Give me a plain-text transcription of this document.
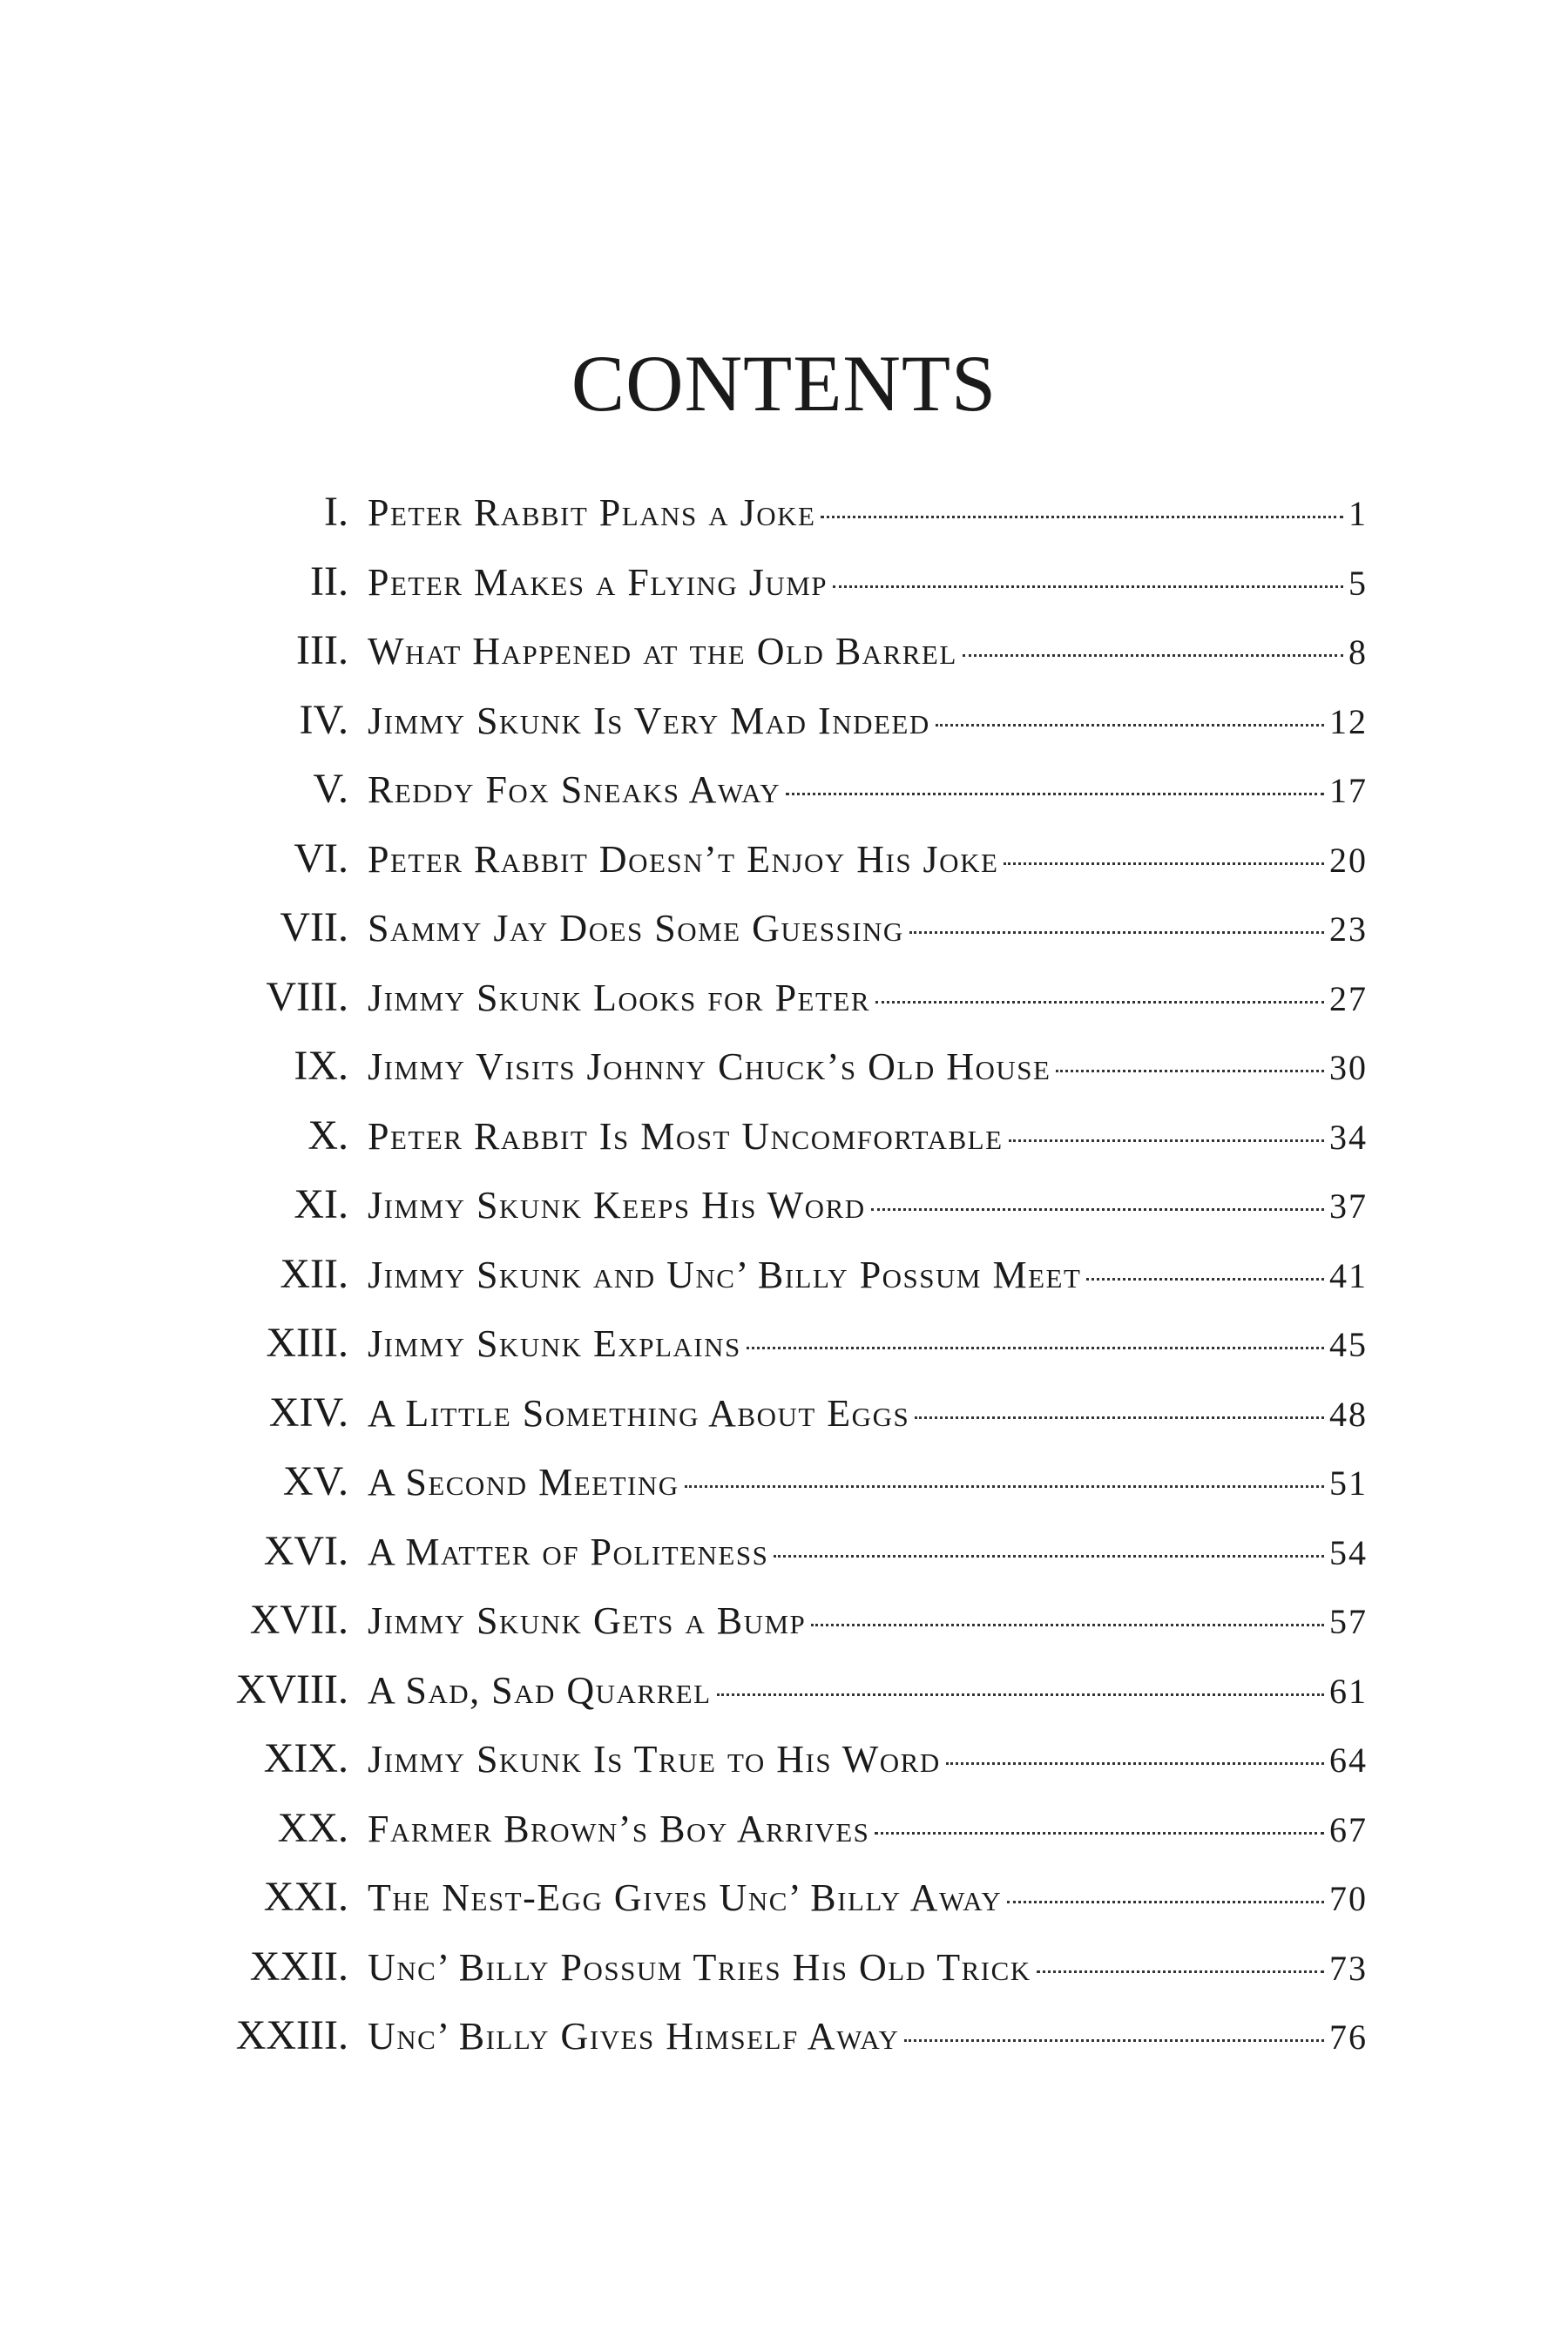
CONTENTS
I. Peter Rabbit Plans a Joke	1
II. Peter Makes a Flying Jump	5
III. What Happened at the Old Barrel	8
IV. Jimmy Skunk Is Very Mad Indeed	12
V. Reddy Fox Sneaks Away	17
VI. Peter Rabbit Doesn’t Enjoy His Joke	20
VII. Sammy Jay Does Some Guessing	23
VIII. Jimmy Skunk Looks for Peter	27
IX. Jimmy Visits Johnny Chuck’s Old House	30
X. Peter Rabbit Is Most Uncomfortable	34
XI. Jimmy Skunk Keeps His Word	37
XII. Jimmy Skunk and Unc’ Billy Possum Meet	41
XIII. Jimmy Skunk Explains	45
XIV. A Little Something About Eggs	48
XV. A Second Meeting	51
XVI. A Matter of Politeness	54
XVII. Jimmy Skunk Gets a Bump	57
XVIII. A Sad, Sad Quarrel	61
XIX. Jimmy Skunk Is True to His Word	64
XX. Farmer Brown’s Boy Arrives	67
XXI. The Nest-Egg Gives Unc’ Billy Away	70
XXII. Unc’ Billy Possum Tries His Old Trick	73
XXIII. Unc’ Billy Gives Himself Away	76
